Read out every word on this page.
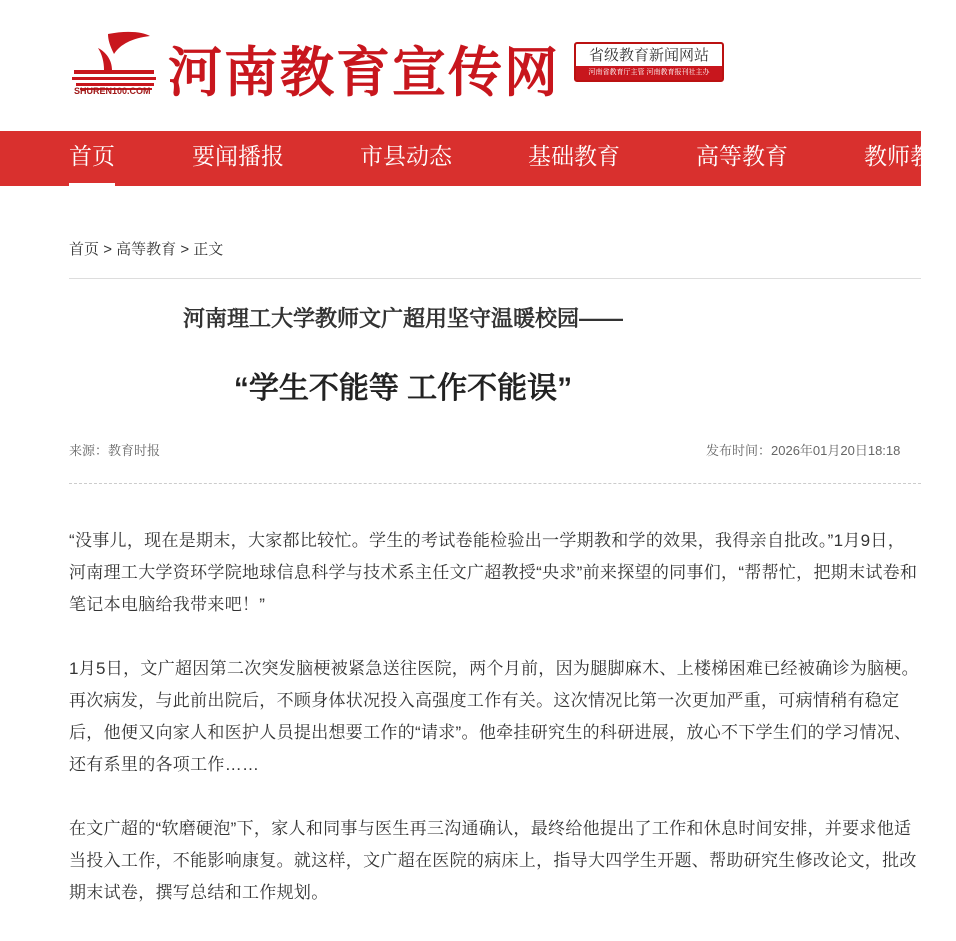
SHUREN100.COM 河南教育宣传网	省级教育新闻网站
河南省教育厅主管 河南教育报刊社主办
首页	要闻播报	市县动态	基础教育	高等教育	教师教育
首页 > 高等教育 > 正文
河南理工大学教师文广超用坚守温暖校园——
“学生不能等 工作不能误”
来源：教育时报	发布时间：2026年01月20日18:18

“没事儿，现在是期末，大家都比较忙。学生的考试卷能检验出一学期教和学的效果，我得亲自批改。”1月9日，河南理工大学资环学院地球信息科学与技术系主任文广超教授“央求”前来探望的同事们，“帮帮忙，把期末试卷和笔记本电脑给我带来吧！”

1月5日，文广超因第二次突发脑梗被紧急送往医院，两个月前，因为腿脚麻木、上楼梯困难已经被确诊为脑梗。再次病发，与此前出院后，不顾身体状况投入高强度工作有关。这次情况比第一次更加严重，可病情稍有稳定后，他便又向家人和医护人员提出想要工作的“请求”。他牵挂研究生的科研进展，放心不下学生们的学习情况、还有系里的各项工作……

在文广超的“软磨硬泡”下，家人和同事与医生再三沟通确认，最终给他提出了工作和休息时间安排，并要求他适当投入工作，不能影响康复。就这样，文广超在医院的病床上，指导大四学生开题、帮助研究生修改论文，批改期末试卷，撰写总结和工作规划。
